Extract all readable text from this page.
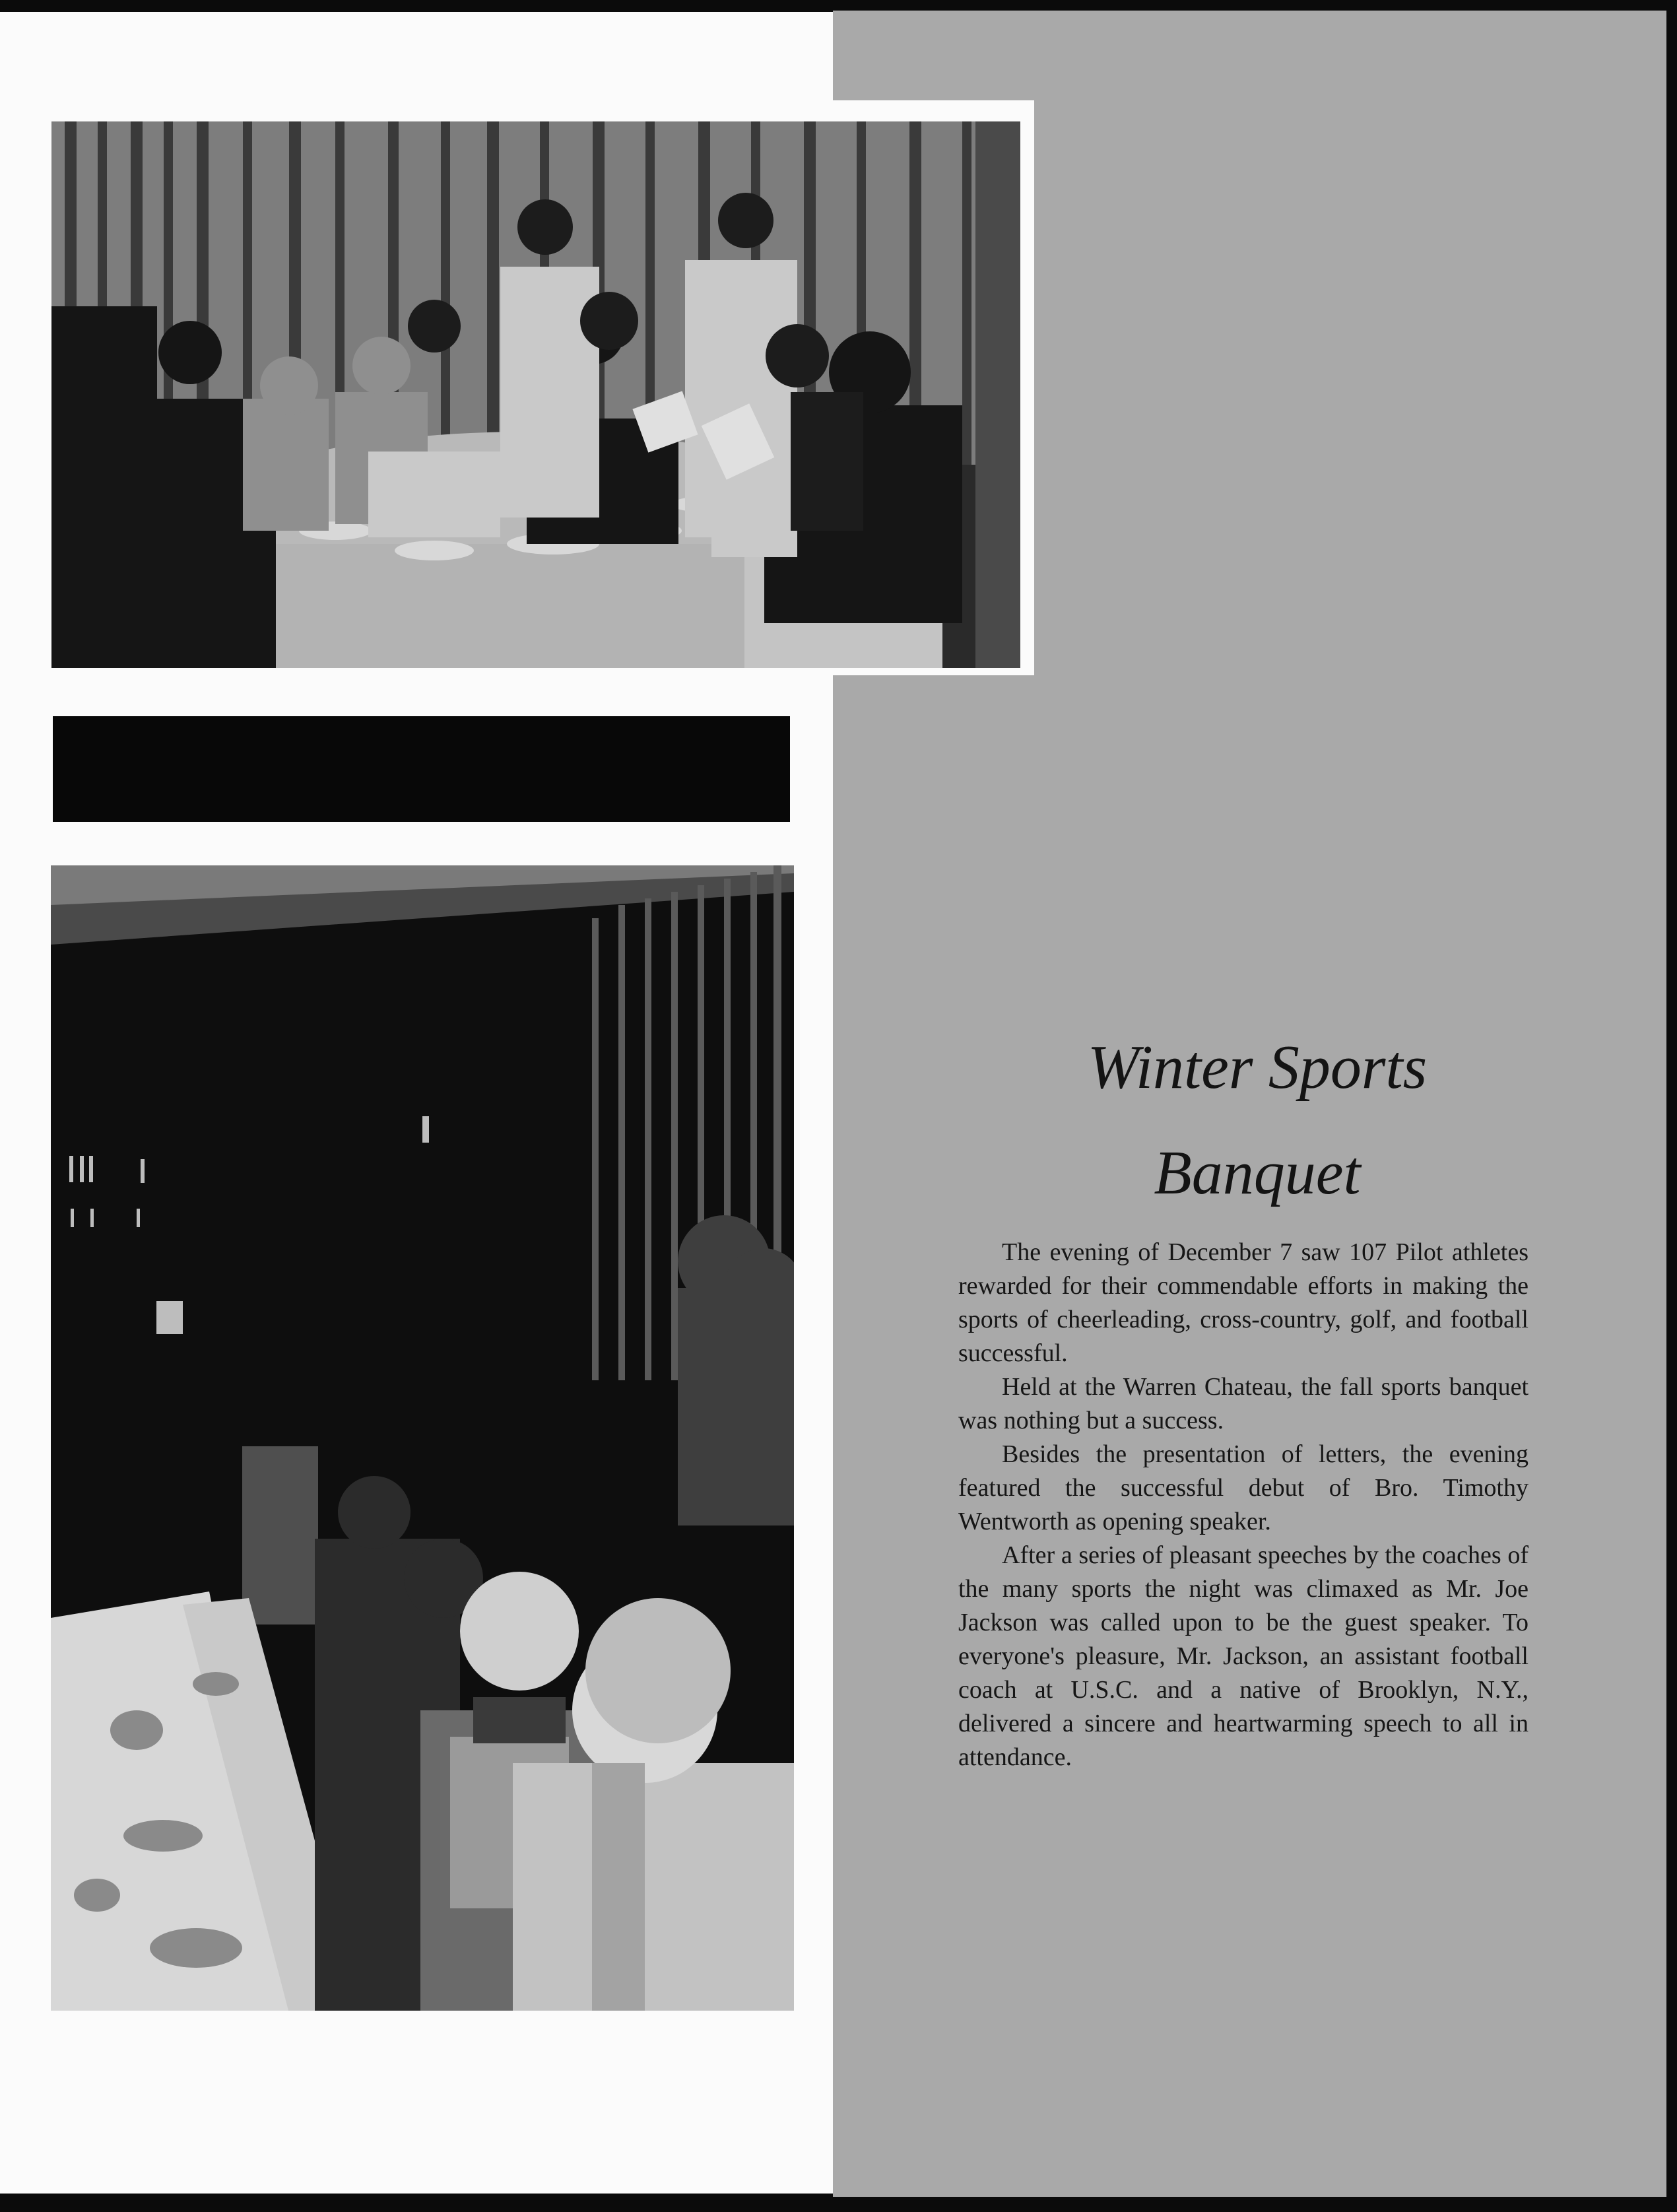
Winter Sports
Banquet

The evening of December 7 saw 107 Pilot athletes rewarded for their commendable efforts in making the sports of cheerleading, cross-country, golf, and football successful.

Held at the Warren Chateau, the fall sports banquet was nothing but a success.

Besides the presentation of letters, the evening featured the successful debut of Bro. Timothy Wentworth as opening speaker.

After a series of pleasant speeches by the coaches of the many sports the night was climaxed as Mr. Joe Jackson was called upon to be the guest speaker. To everyone's pleasure, Mr. Jackson, an assistant football coach at U.S.C. and a native of Brooklyn, N.Y., delivered a sincere and heartwarming speech to all in attendance.
